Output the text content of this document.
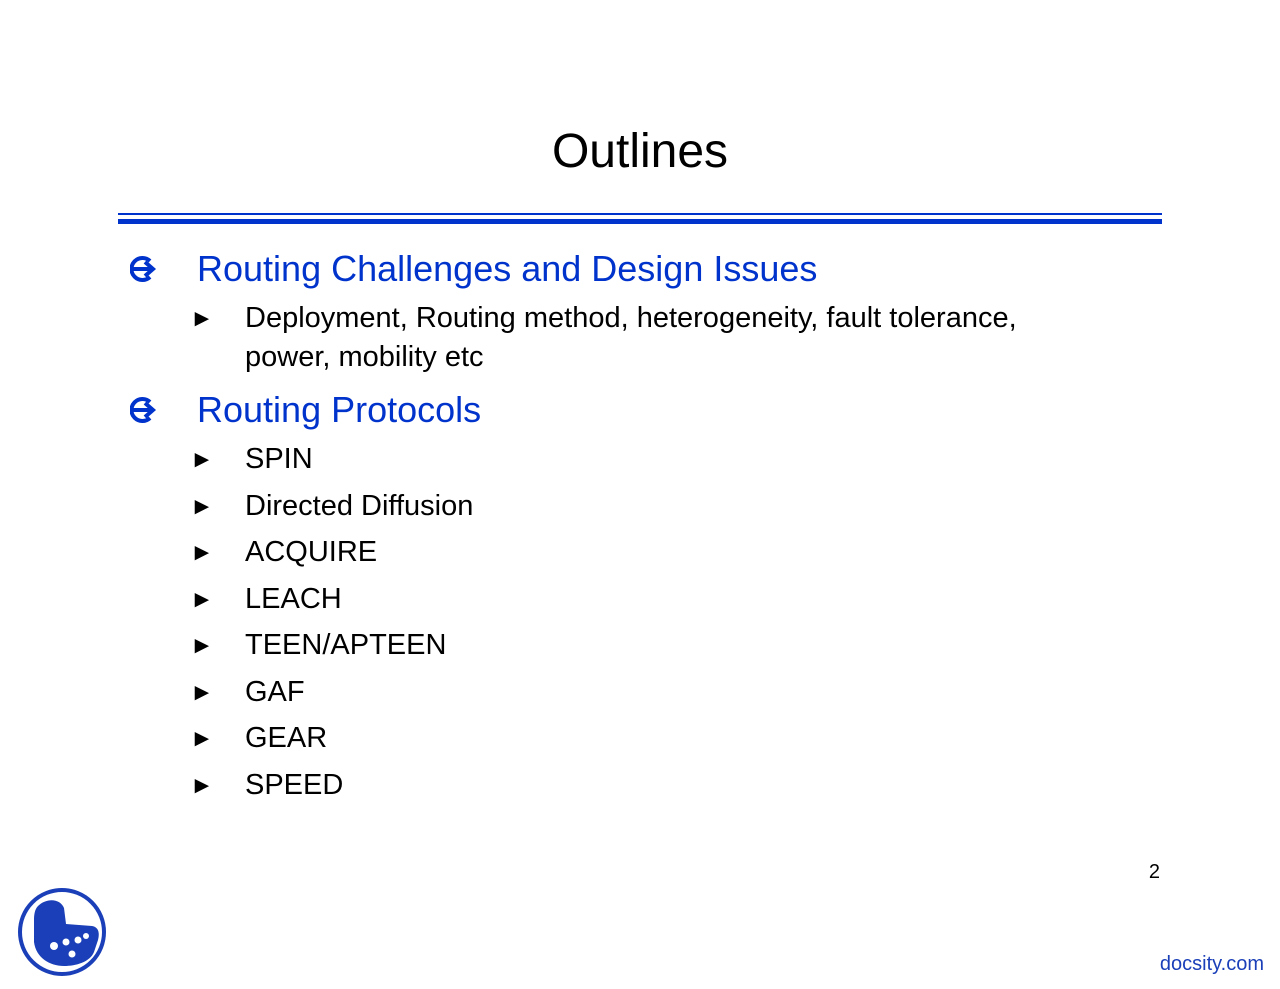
Outlines
Routing Challenges and Design Issues
► Deployment, Routing method, heterogeneity, fault tolerance,
power, mobility etc
Routing Protocols
► SPIN
► Directed Diffusion
► ACQUIRE
► LEACH
► TEEN/APTEEN
► GAF
► GEAR
► SPEED
2
docsity.com
